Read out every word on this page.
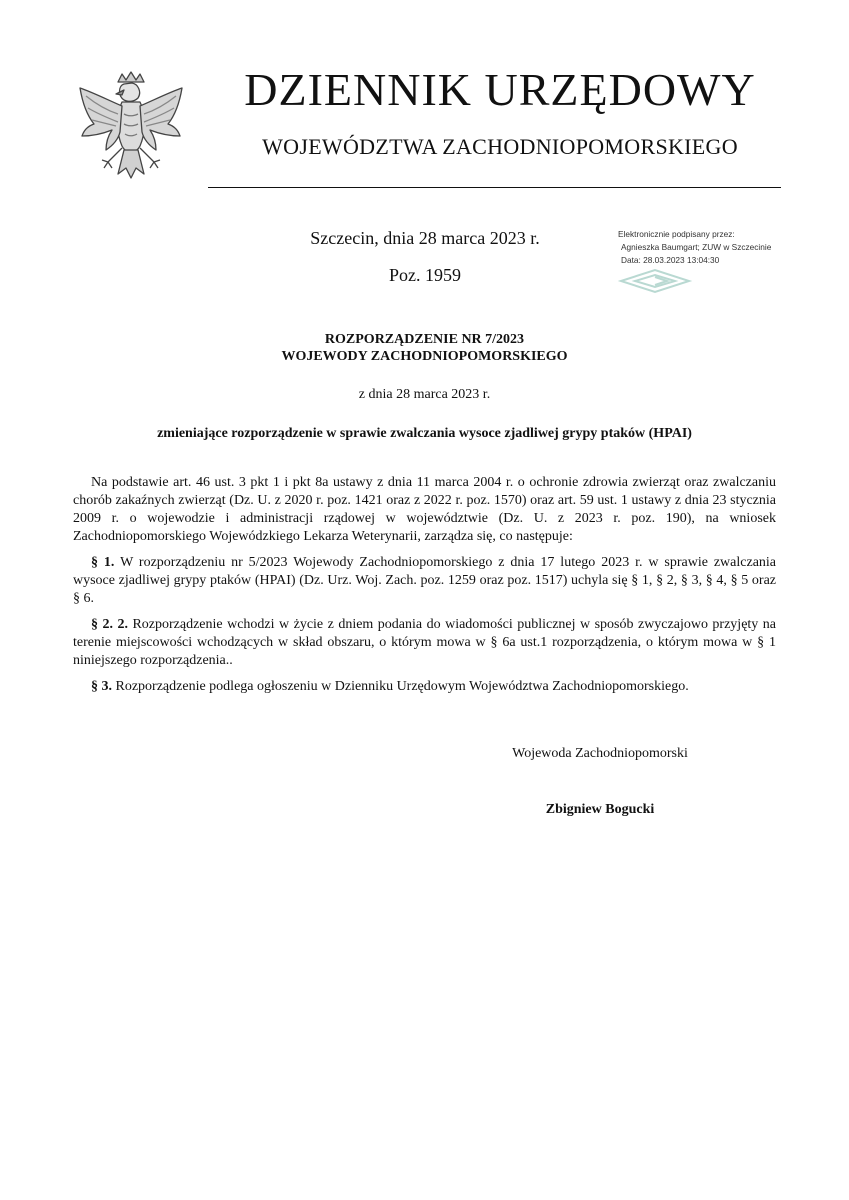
DZIENNIK URZĘDOWY
WOJEWÓDZTWA ZACHODNIOPOMORSKIEGO
Szczecin, dnia 28 marca 2023 r.
Poz. 1959
Elektronicznie podpisany przez:
Agnieszka Baumgart; ZUW w Szczecinie
Data: 28.03.2023 13:04:30
ROZPORZĄDZENIE NR 7/2023
WOJEWODY ZACHODNIOPOMORSKIEGO
z dnia 28 marca 2023 r.
zmieniające rozporządzenie w sprawie zwalczania wysoce zjadliwej grypy ptaków (HPAI)

Na podstawie art. 46 ust. 3 pkt 1 i pkt 8a ustawy z dnia 11 marca 2004 r. o ochronie zdrowia zwierząt oraz zwalczaniu chorób zakaźnych zwierząt (Dz. U. z 2020 r. poz. 1421 oraz z 2022 r. poz. 1570) oraz art. 59 ust. 1 ustawy z dnia 23 stycznia 2009 r. o wojewodzie i administracji rządowej w województwie (Dz. U. z 2023 r. poz. 190), na wniosek Zachodniopomorskiego Wojewódzkiego Lekarza Weterynarii, zarządza się, co następuje:

§ 1. W rozporządzeniu nr 5/2023 Wojewody Zachodniopomorskiego z dnia 17 lutego 2023 r. w sprawie zwalczania wysoce zjadliwej grypy ptaków (HPAI) (Dz. Urz. Woj. Zach. poz. 1259 oraz poz. 1517) uchyla się § 1, § 2, § 3, § 4, § 5 oraz § 6.

§ 2. 2. Rozporządzenie wchodzi w życie z dniem podania do wiadomości publicznej w sposób zwyczajowo przyjęty na terenie miejscowości wchodzących w skład obszaru, o którym mowa w § 6a ust.1 rozporządzenia, o którym mowa w § 1 niniejszego rozporządzenia..

§ 3. Rozporządzenie podlega ogłoszeniu w Dzienniku Urzędowym Województwa Zachodniopomorskiego.

Wojewoda Zachodniopomorski
Zbigniew Bogucki
